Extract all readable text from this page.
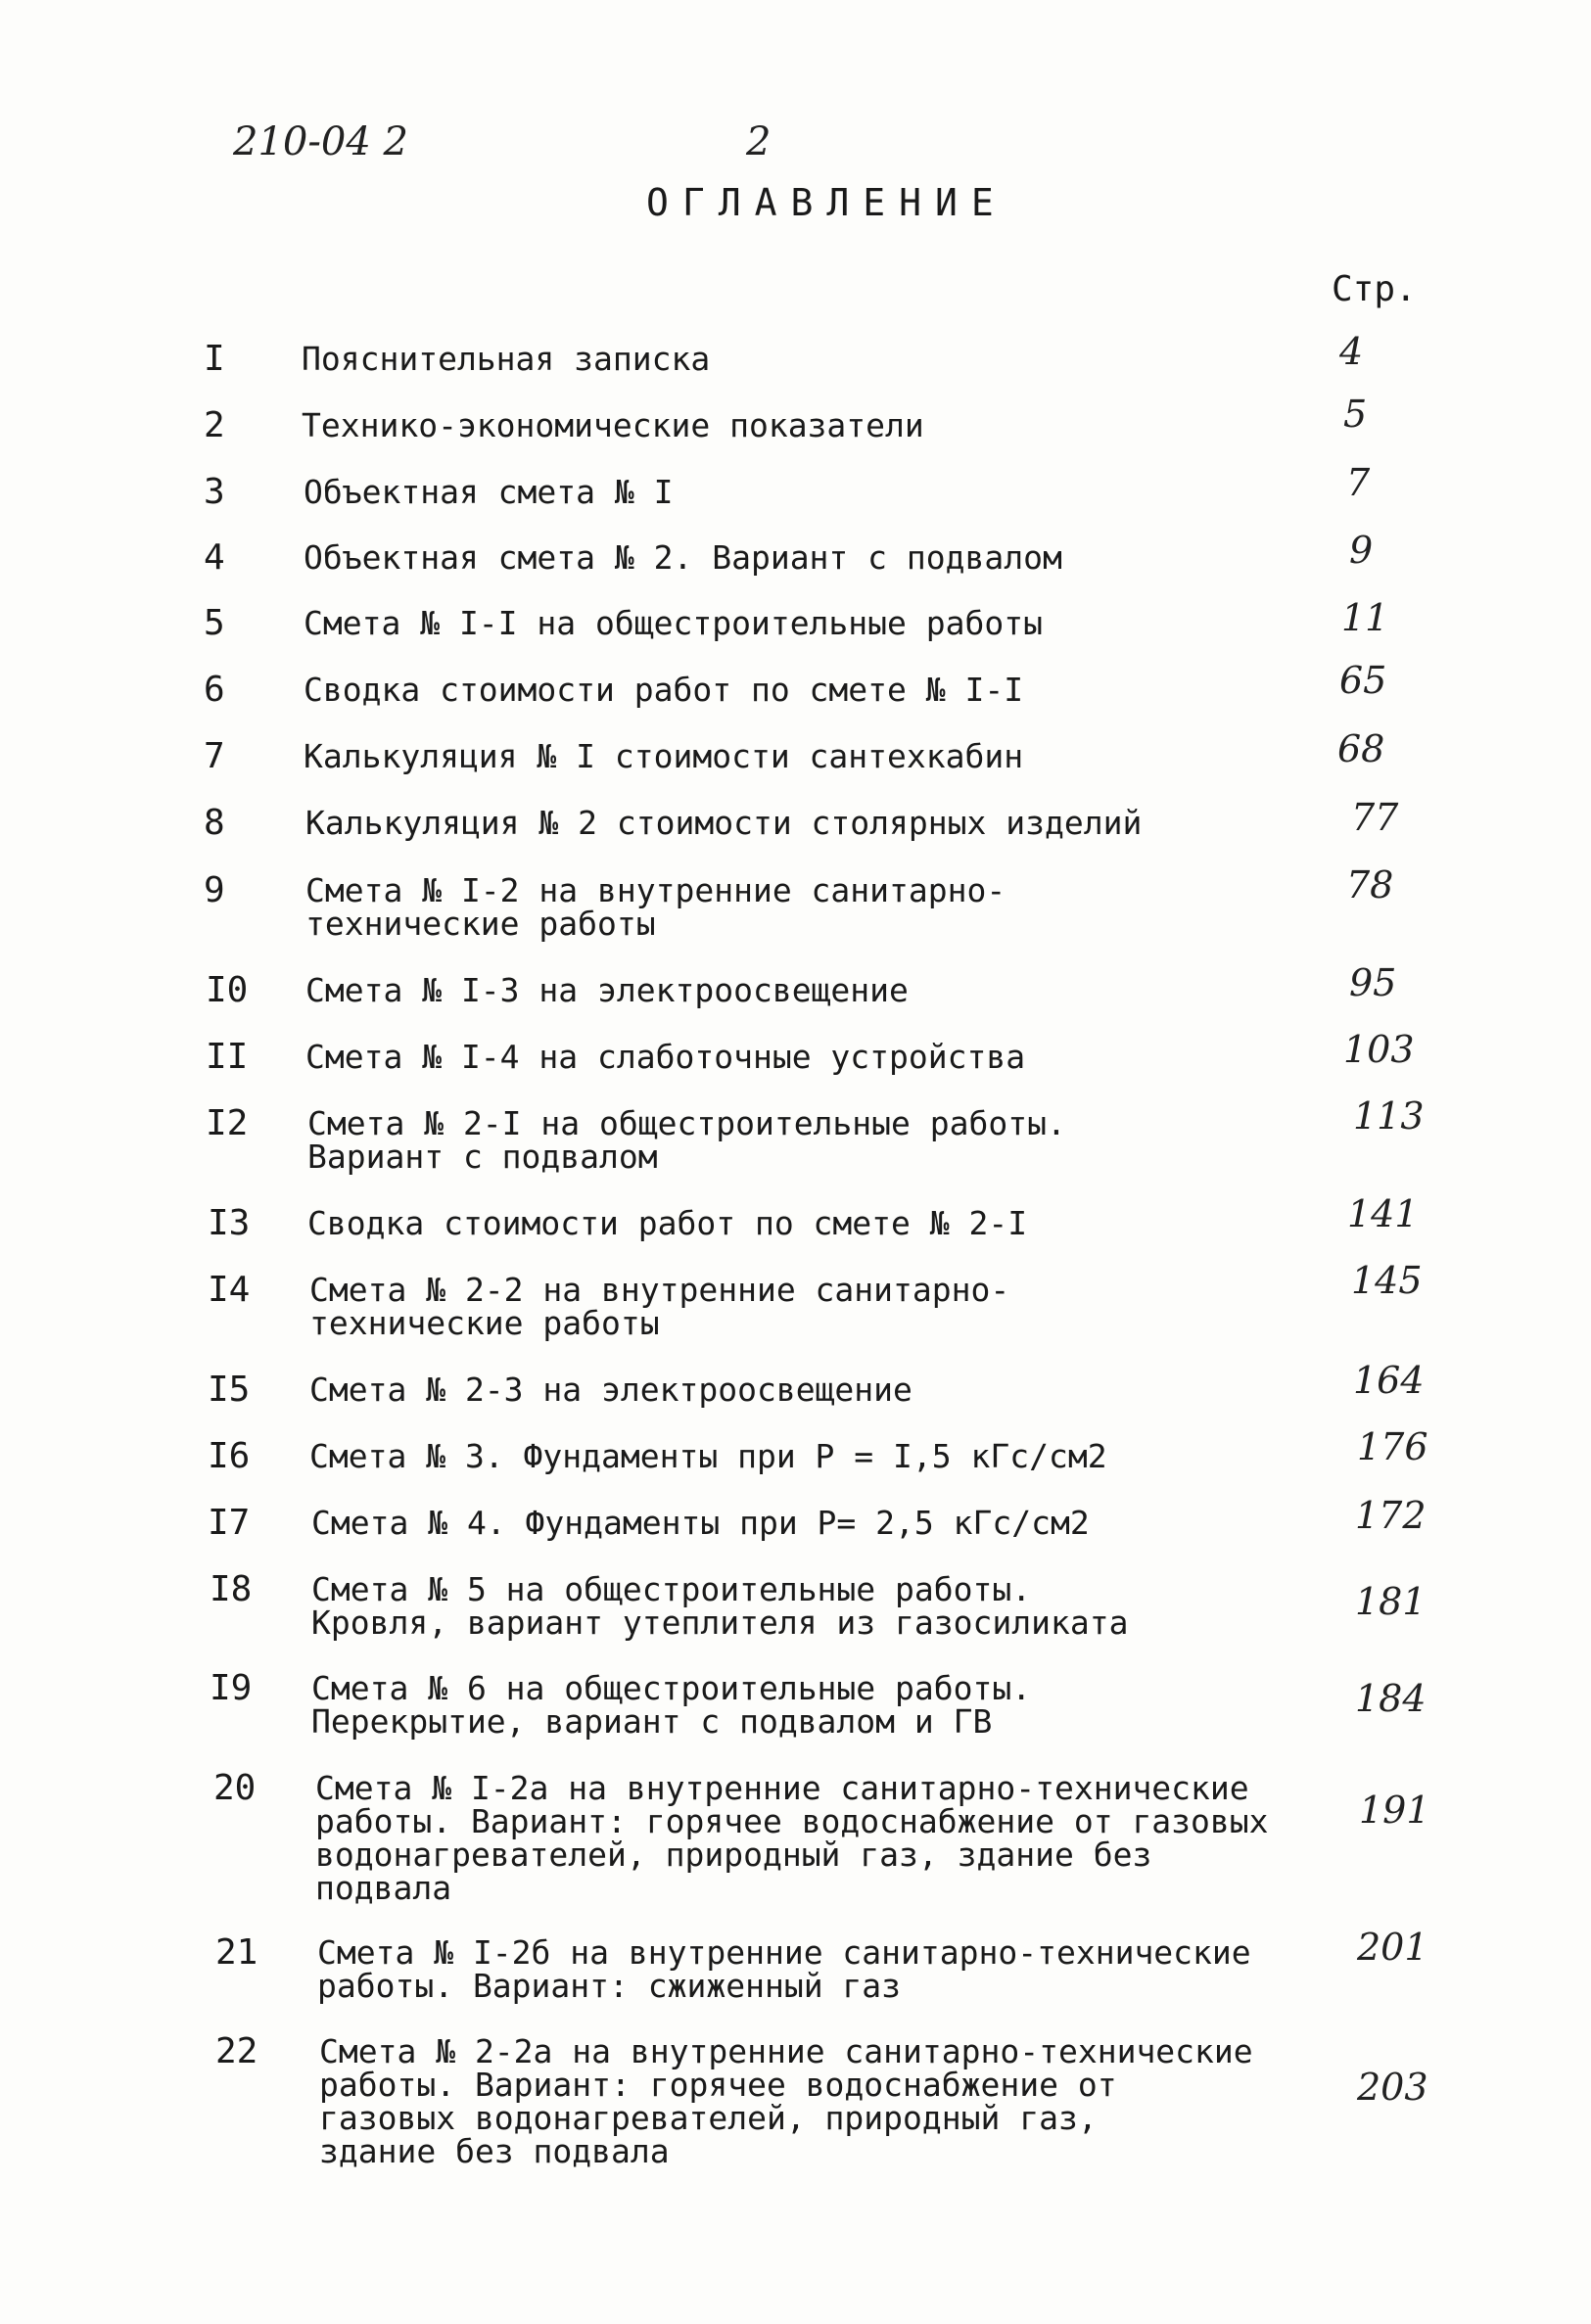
210-04 2	2
ОГЛАВЛЕНИЕ
Стр.
I	Пояснительная записка	4
2	Технико-экономические показатели	5
3	Объектная смета № I	7
4	Объектная смета № 2. Вариант с подвалом	9
5	Смета № I-I на общестроительные работы	11
6	Сводка стоимости работ по смете № I-I	65
7	Калькуляция № I стоимости сантехкабин	68
8	Калькуляция № 2 стоимости столярных изделий	77
9	Смета № I-2 на внутренние санитарно-
технические работы
78
I0	Смета № I-3 на электроосвещение	95
II	Смета № I-4 на слаботочные устройства	103
I2	Смета № 2-I на общестроительные работы.
Вариант с подвалом
113
I3	Сводка стоимости работ по смете № 2-I	141
I4	Смета № 2-2 на внутренние санитарно-
технические работы
145
I5	Смета № 2-3 на электроосвещение	164
I6	Смета № 3. Фундаменты при Р = I,5 кГс/см2	176
I7	Смета № 4. Фундаменты при Р= 2,5 кГс/см2	172
I8	Смета № 5 на общестроительные работы.
Кровля, вариант утеплителя из газосиликата	181
I9	Смета № 6 на общестроительные работы.
Перекрытие, вариант с подвалом и ГВ
184
20	Смета № I-2а на внутренние санитарно-технические
работы. Вариант: горячее водоснабжение от газовых
водонагревателей, природный газ, здание без
подвала
191
21	Смета № I-2б на внутренние санитарно-технические
работы. Вариант: сжиженный газ
201
22	Смета № 2-2а на внутренние санитарно-технические
работы. Вариант: горячее водоснабжение от
газовых водонагревателей, природный газ,
здание без подвала
203
